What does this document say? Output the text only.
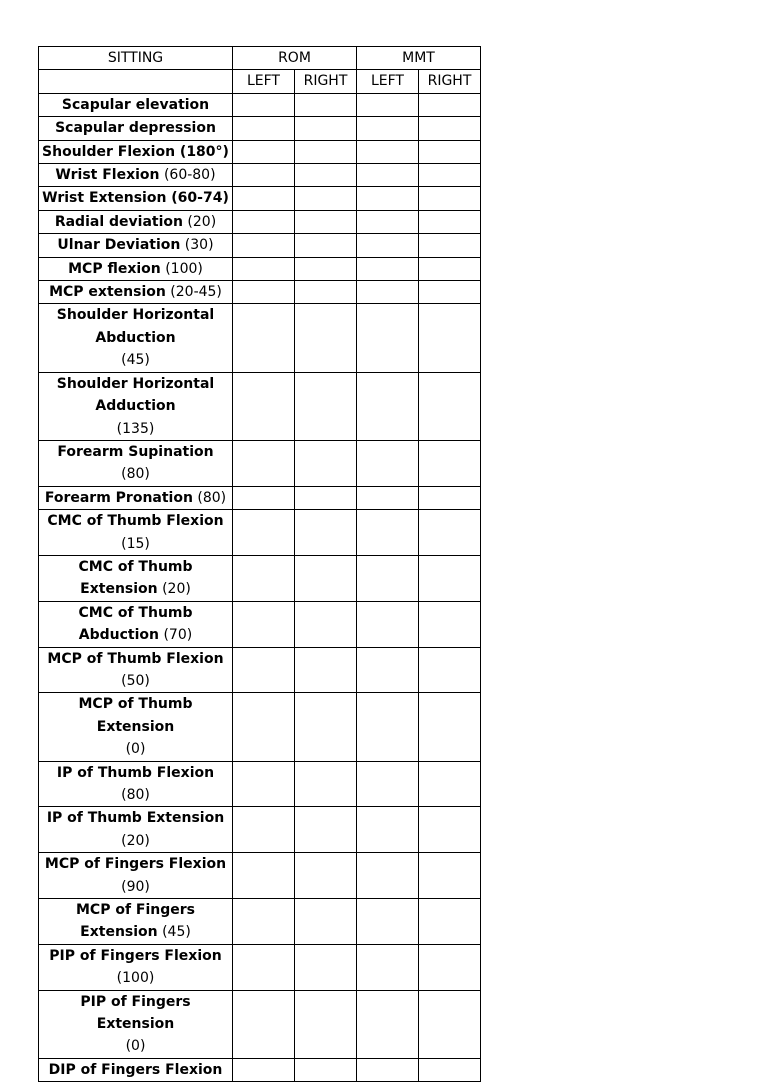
SITTING	ROM		MMT	
	LEFT	RIGHT	LEFT	RIGHT

Scapular elevation				

Scapular depression				

Shoulder Flexion (180°)				

Wrist Flexion (60-80)				

Wrist Extension (60-74)				

Radial deviation (20)				

Ulnar Deviation (30)				

MCP flexion (100)				

MCP extension (20-45)				

Shoulder Horizontal
Abduction
(45)				

Shoulder Horizontal
Adduction
(135)				

Forearm Supination (80)				

Forearm Pronation (80)				

CMC of Thumb Flexion
(15)				

CMC of Thumb
Extension (20)				

CMC of Thumb
Abduction (70)				

MCP of Thumb Flexion
(50)				

MCP of Thumb Extension
(0)				

IP of Thumb Flexion (80)				

IP of Thumb Extension
(20)				

MCP of Fingers Flexion
(90)				

MCP of Fingers
Extension (45)				

PIP of Fingers Flexion
(100)				

PIP of Fingers Extension
(0)				

DIP of Fingers Flexion				
